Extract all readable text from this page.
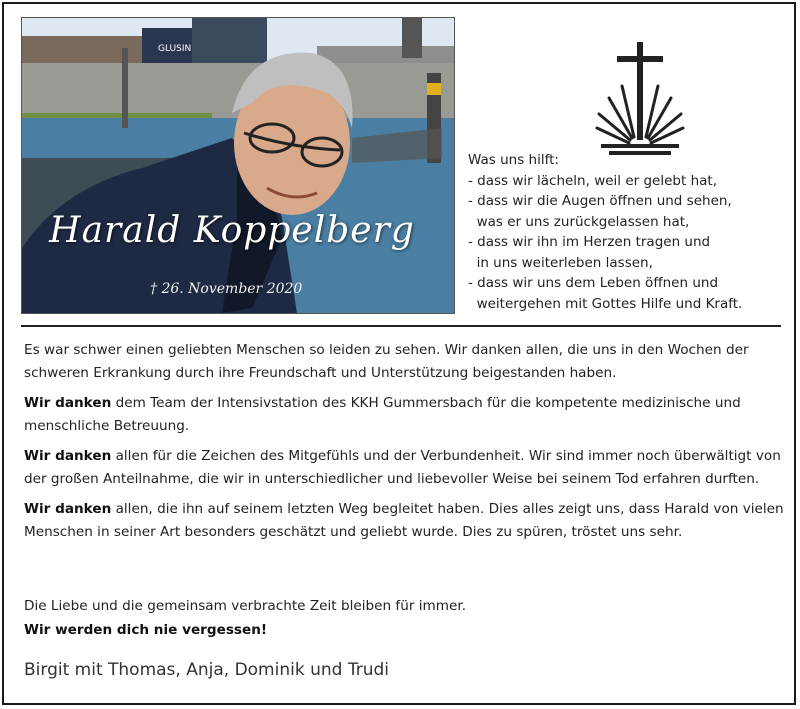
GLUSIN
Harald Koppelberg
† 26. November 2020
Was uns hilft:
- dass wir lächeln, weil er gelebt hat,
- dass wir die Augen öffnen und sehen,
was er uns zurückgelassen hat,
- dass wir ihn im Herzen tragen und
in uns weiterleben lassen,
- dass wir uns dem Leben öffnen und
weitergehen mit Gottes Hilfe und Kraft.

Es war schwer einen geliebten Menschen so leiden zu sehen. Wir danken allen, die uns in den Wochen der schweren Erkrankung durch ihre Freundschaft und Unterstützung beigestanden haben.

Wir danken dem Team der Intensivstation des KKH Gummersbach für die kompetente medizinische und menschliche Betreuung.

Wir danken allen für die Zeichen des Mitgefühls und der Verbundenheit. Wir sind immer noch überwältigt von der großen Anteilnahme, die wir in unterschiedlicher und liebevoller Weise bei seinem Tod erfahren durften.

Wir danken allen, die ihn auf seinem letzten Weg begleitet haben. Dies alles zeigt uns, dass Harald von vielen Menschen in seiner Art besonders geschätzt und geliebt wurde. Dies zu spüren, tröstet uns sehr.

Die Liebe und die gemeinsam verbrachte Zeit bleiben für immer.
Wir werden dich nie vergessen!
Birgit mit Thomas, Anja, Dominik und Trudi
